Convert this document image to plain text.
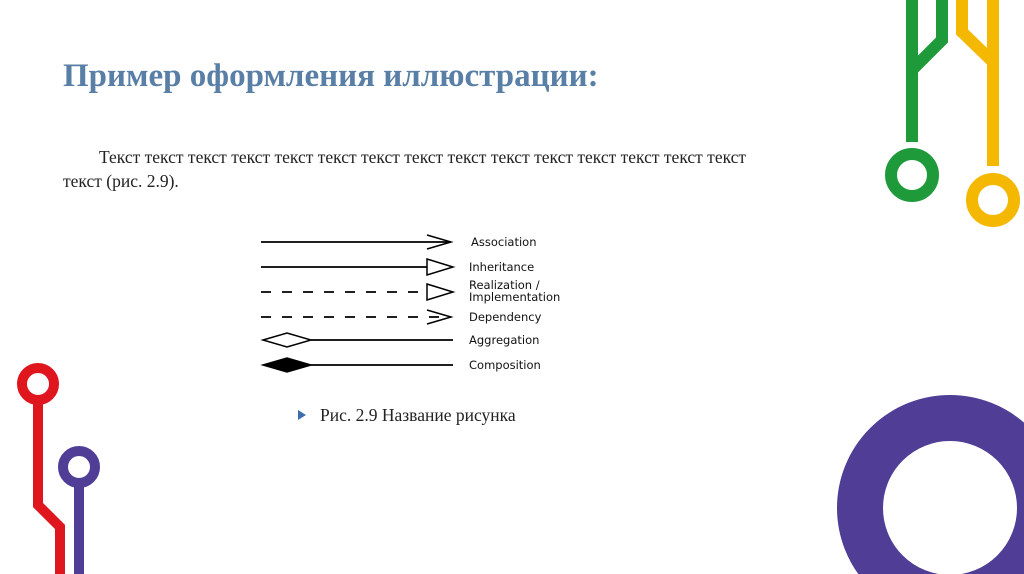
Пример оформления иллюстрации:
Текст текст текст текст текст текст текст текст текст текст текст текст текст текст текст текст (рис. 2.9).
Association
Inheritance
Realization /
Implementation
Dependency
Aggregation
Composition
Рис. 2.9 Название рисунка
